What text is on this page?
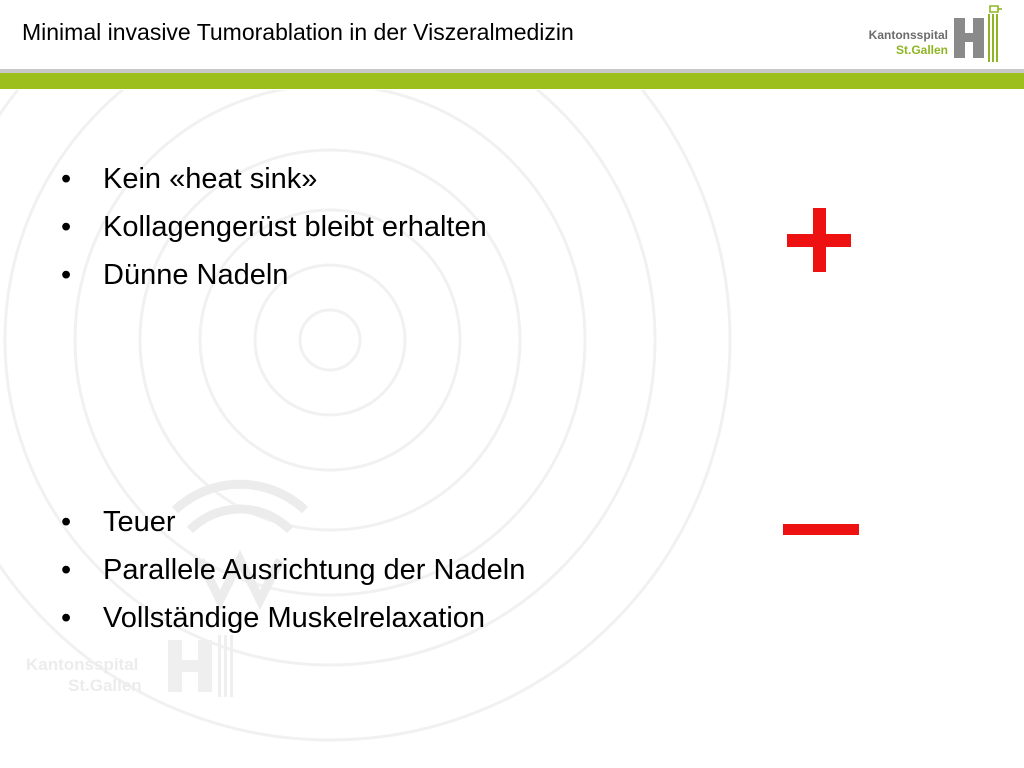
Kantonsspital
St.Gallen
Minimal invasive Tumorablation in der Viszeralmedizin	Kantonsspital
St.Gallen
• Kein «heat sink»
• Kollagengerüst bleibt erhalten
• Dünne Nadeln
• Teuer
• Parallele Ausrichtung der Nadeln
• Vollständige Muskelrelaxation
